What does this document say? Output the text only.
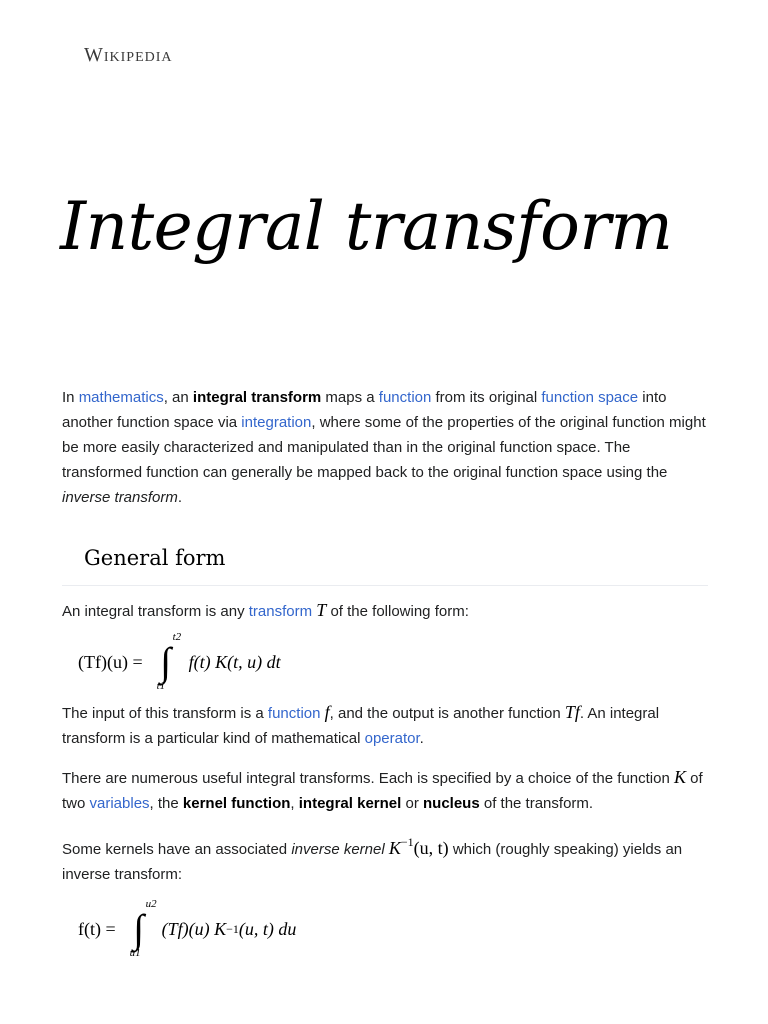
Wikipedia
Integral transform

In mathematics, an integral transform maps a function from its original function space into another function space via integration, where some of the properties of the original function might be more easily characterized and manipulated than in the original function space. The transformed function can generally be mapped back to the original function space using the inverse transform.

General form

An integral transform is any transform T of the following form:

(Tf)(u) = ∫
t2
t1
f(t) K(t, u) dt

The input of this transform is a function f, and the output is another function Tf. An integral transform is a particular kind of mathematical operator.

There are numerous useful integral transforms. Each is specified by a choice of the function K of two variables, the kernel function, integral kernel or nucleus of the transform.

Some kernels have an associated inverse kernel $K^{-1}(u$, t) which (roughly speaking) yields an inverse transform:

f(t) = ∫
u2
u1
(Tf)(u) K −1 (u, t) du
